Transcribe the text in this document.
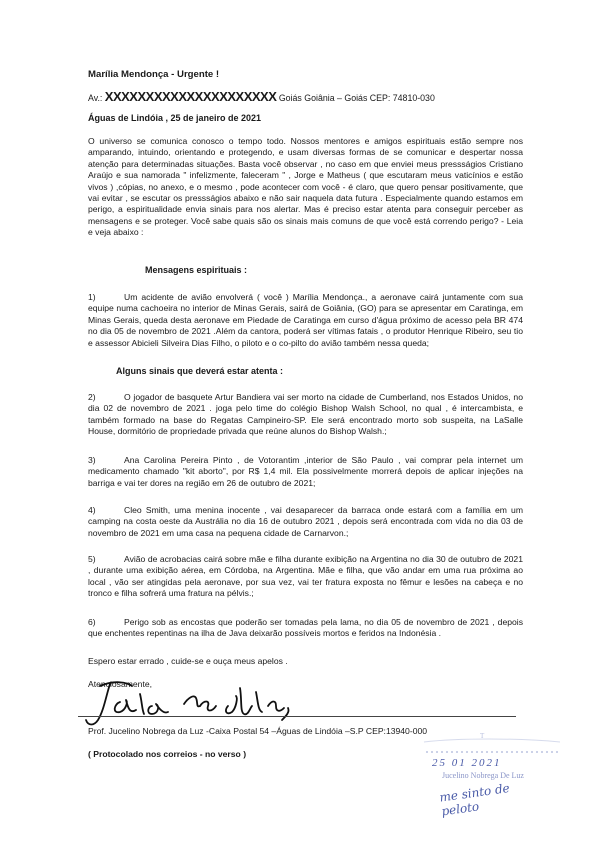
Marília Mendonça - Urgente !
Av.: XXXXXXXXXXXXXXXXXXXXX Goiás Goiânia – Goiás CEP: 74810-030
Águas de Lindóia , 25 de janeiro de 2021
O universo se comunica conosco o tempo todo. Nossos mentores e amigos espirituais estão sempre nos amparando, intuindo, orientando e protegendo, e usam diversas formas de se comunicar e despertar nossa atenção para determinadas situações. Basta você observar , no caso em que enviei meus pressságios Cristiano Araújo e sua namorada " infelizmente, faleceram " , Jorge e Matheus ( que escutaram meus vaticínios e estão vivos ) ,cópias, no anexo, e o mesmo , pode acontecer com você - é claro, que quero pensar positivamente, que vai evitar , se escutar os pressságios abaixo e não sair naquela data futura . Especialmente quando estamos em perigo, a espiritualidade envia sinais para nos alertar. Mas é preciso estar atenta para conseguir perceber as mensagens e se proteger. Você sabe quais são os sinais mais comuns de que você está correndo perigo? - Leia e veja abaixo :
Mensagens espirituais :
1)	Um acidente de avião envolverá ( você ) Marília Mendonça., a aeronave cairá juntamente com sua equipe numa cachoeira no interior de Minas Gerais, sairá de Goiânia, (GO) para se apresentar em Caratinga, em Minas Gerais, queda desta aeronave em Piedade de Caratinga em curso d'água próximo de acesso pela BR 474 no dia 05 de novembro de 2021 .Além da cantora, poderá ser vítimas fatais , o produtor Henrique Ribeiro, seu tio e assessor Abicieli Silveira Dias Filho, o piloto e o co-pilto do avião também nessa queda;
Alguns sinais que deverá estar atenta :
2)	O jogador de basquete Artur Bandiera vai ser morto na cidade de Cumberland, nos Estados Unidos, no dia 02 de novembro de 2021 . joga pelo time do colégio Bishop Walsh School, no qual , é intercambista, e também formado na base do Regatas Campineiro-SP. Ele será encontrado morto sob suspeita, na LaSalle House, dormitório de propriedade privada que reúne alunos do Bishop Walsh.;
3)	Ana Carolina Pereira Pinto , de Votorantim ,interior de São Paulo , vai comprar pela internet um medicamento chamado "kit aborto", por R$ 1,4 mil. Ela possivelmente morrerá depois de aplicar injeções na barriga e vai ter dores na região em 26 de outubro de 2021;
4)	Cleo Smith, uma menina inocente , vai desaparecer da barraca onde estará com a família em um camping na costa oeste da Austrália no dia 16 de outubro 2021 , depois será encontrada com vida no dia 03 de novembro de 2021 em uma casa na pequena cidade de Carnarvon.;
5)	Avião de acrobacias cairá sobre mãe e filha durante exibição na Argentina no dia 30 de outubro de 2021 , durante uma exibição aérea, em Córdoba, na Argentina. Mãe e filha, que vão andar em uma rua próxima ao local , vão ser atingidas pela aeronave, por sua vez, vai ter fratura exposta no fêmur e lesões na cabeça e no tronco e filha sofrerá uma fratura na pélvis.;
6)	Perigo sob as encostas que poderão ser tomadas pela lama, no dia 05 de novembro de 2021 , depois que enchentes repentinas na ilha de Java deixarão possíveis mortos e feridos na Indonésia .
Espero estar errado , cuide-se e ouça meus apelos .
Atenciosamente,
Prof. Jucelino Nobrega da Luz -Caixa Postal 54 –Águas de Lindóia –S.P CEP:13940-000
( Protocolado nos correios - no verso )
T
25 01 2021
Jucelino Nobrega De Luz
me sinto de peloto
